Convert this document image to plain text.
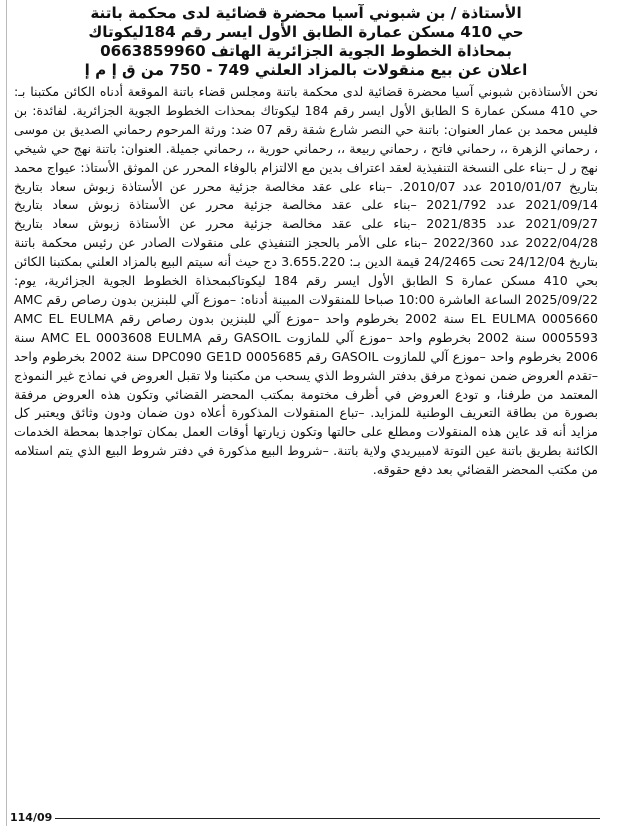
الأستاذة / بن شبوني آسيا محضرة قضائية لدى محكمة باتنة
حي 410 مسكن عمارة الطابق الأول ايسر رقم 184ليكوتاك
بمحاذاة الخطوط الجوية الجزائرية الهاتف 0663859960
اعلان عن بيع منقولات بالمزاد العلني 749 - 750 من ق إ م إ
نحن الأستاذةبن شبوني آسيا محضرة قضائية لدى محكمة باتنة ومجلس قضاء باتنة الموقعة أدناه الكائن مكتبنا بـ: حي 410 مسكن عمارة S الطابق الأول ايسر رقم 184 ليكوتاك بمحذات الخطوط الجوية الجزائرية. لفائدة: بن فليس محمد بن عمار العنوان: باتنة حي النصر شارع شقة رقم 07 ضد: ورثة المرحوم رحماني الصديق بن موسى ، رحماني الزهرة ،، رحماني فاتح ، رحماني ربيعة ،، رحماني حورية ،، رحماني جميلة. العنوان: باتنة نهج حي شيخي نهج ر ل –بناء على النسخة التنفيذية لعقد اعتراف بدين مع الالتزام بالوفاء المحرر عن الموثق الأستاذ: عيواج محمد بتاريخ 2010/01/07 عدد 2010/07. –بناء على عقد مخالصة جزئية محرر عن الأستاذة زبوش سعاد بتاريخ 2021/09/14 عدد 2021/792 –بناء على عقد مخالصة جزئية محرر عن الأستاذة زبوش سعاد بتاريخ 2021/09/27 عدد 2021/835 –بناء على عقد مخالصة جزئية محرر عن الأستاذة زبوش سعاد بتاريخ 2022/04/28 عدد 2022/360 –بناء على الأمر بالحجز التنفيذي على منقولات الصادر عن رئيس محكمة باتنة بتاريخ 24/12/04 تحت 24/2465 قيمة الدين بـ: 3.655.220 دج حيث أنه سيتم البيع بالمزاد العلني بمكتبنا الكائن بحي 410 مسكن عمارة S الطابق الأول ايسر رقم 184 ليكوتاكبمحذاة الخطوط الجوية الجزائرية، يوم: 2025/09/22 الساعة العاشرة 10:00 صباحا للمنقولات المبينة أدناه: –موزع آلي للبنزين بدون رصاص رقم AMC EL EULMA 0005660 سنة 2002 بخرطوم واحد –موزع آلي للبنزين بدون رصاص رقم AMC EL EULMA 0005593 سنة 2002 بخرطوم واحد –موزع آلي للمازوت GASOIL رقم AMC EL 0003608 EULMA سنة 2006 بخرطوم واحد –موزع آلي للمازوت GASOIL رقم DPC090 GE1D 0005685 سنة 2002 بخرطوم واحد –تقدم العروض ضمن نموذج مرفق بدفتر الشروط الذي يسحب من مكتبنا ولا تقبل العروض في نماذج غير النموذج المعتمد من طرفنا، و تودع العروض في أظرف مختومة بمكتب المحضر القضائي وتكون هذه العروض مرفقة بصورة من بطاقة التعريف الوطنية للمزايد. –تباع المنقولات المذكورة أعلاه دون ضمان ودون وثائق ويعتبر كل مزايد أنه قد عاين هذه المنقولات ومطلع على حالتها وتكون زيارتها أوقات العمل بمكان تواجدها بمحطة الخدمات الكائنة بطريق باتنة عين التوتة لامبيريدي ولاية باتنة. –شروط البيع مذكورة في دفتر شروط البيع الذي يتم استلامه من مكتب المحضر القضائي بعد دفع حقوقه.
114/09
